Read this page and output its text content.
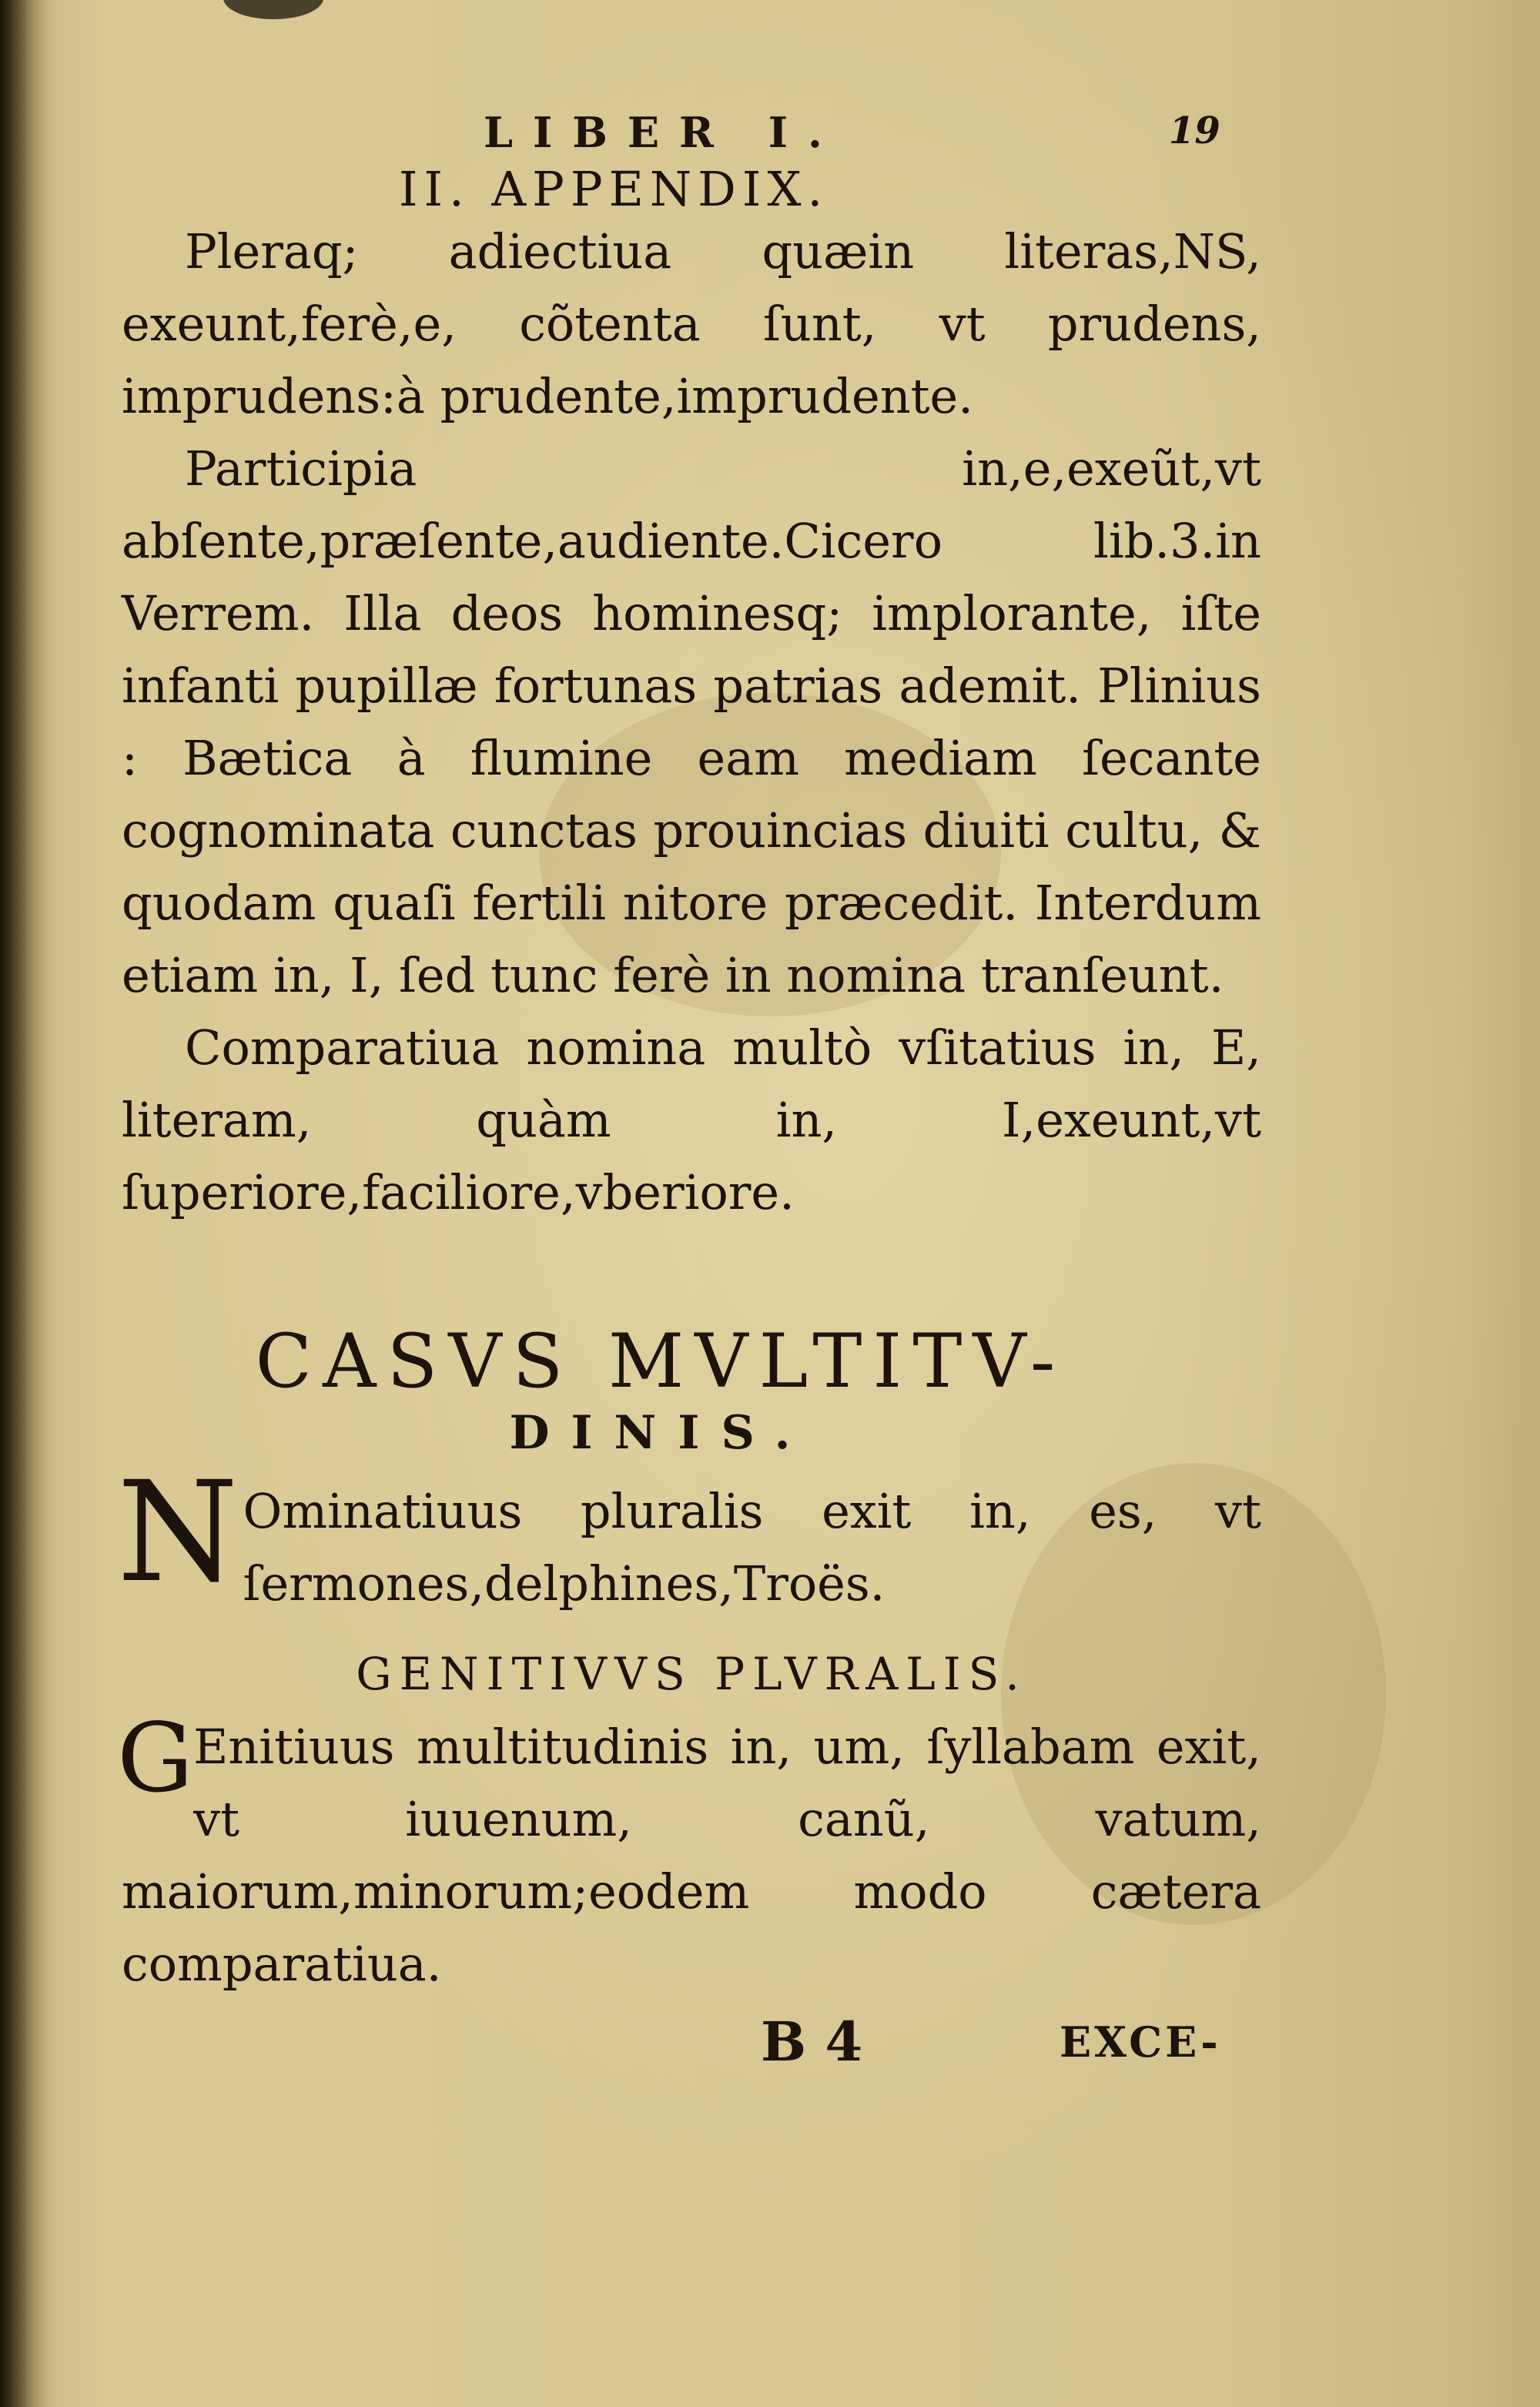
LIBER I.	19
II. APPENDIX.

Pleraq; adiectiua quæin literas,NS, exeunt,ferè,e, cõtenta ſunt, vt prudens, imprudens:à prudente,imprudente.

Participia in,e,exeũt,vt abſente,præſente,audiente.Cicero lib.3.in Verrem. Illa deos hominesq; implorante, iſte infanti pupillæ fortunas patrias ademit. Plinius : Bætica à flumine eam mediam ſecante cognominata cunctas prouincias diuiti cultu, & quodam quaſi fertili nitore præcedit. Interdum etiam in, I, ſed tunc ferè in nomina tranſeunt.

Comparatiua nomina multò vſitatius in, E, literam, quàm in, I,exeunt,vt ſuperiore,faciliore,vberiore.

CASVS MVLTITV-
DINIS.
N Ominatiuus pluralis exit in, es, vt ſermones,delphines,Troës.

GENITIVVS PLVRALIS.
G Enitiuus multitudinis in, um, ſyllabam exit, vt iuuenum, canũ, vatum, maiorum,minorum;eodem modo cætera comparatiua.

B 4	EXCE-
